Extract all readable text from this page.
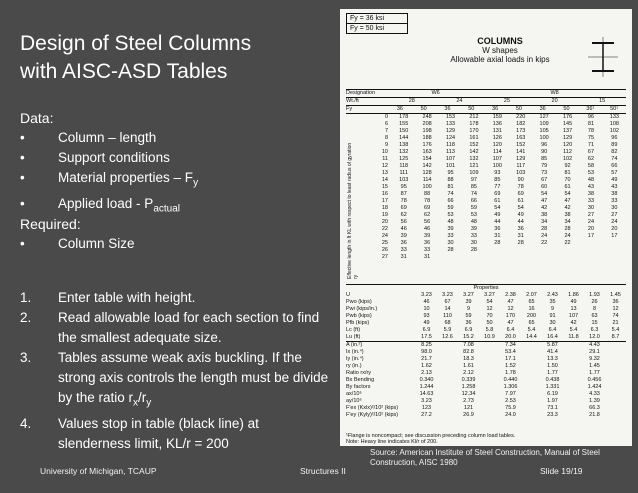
Design of Steel Columns
with AISC-ASD Tables
Data:
•	Column – length
•	Support conditions
•	Material properties – $F_y$
•	Applied load - $P_{actual}$
Required:
•	Column Size
1.	Enter table with height.
2.	Read allowable load for each section to find the smallest adequate size.
3.	Tables assume weak axis buckling. If the strong axis controls the length must be divide by the ratio $r_x/r_y$
4.	Values stop in table (black line) at slenderness limit, KL/r = 200
Fy = 36 ksi
Fy = 50 ksi
COLUMNS
W shapes
Allowable axial loads in kips
Designation	W6	W8
Wt./ft	28	24	25	20	15
Fy	36	50	36	50	36	50	36	50	36¹	50¹
0	178	248	153	212	159	220	127	176	96	133
6	155	208	133	178	136	182	109	145	81	108
7	150	198	129	170	131	173	105	137	78	102
8	144	188	124	161	126	163	100	129	75	96
9	138	176	118	152	120	152	96	120	71	89
10	132	163	113	142	114	141	90	112	67	82
11	125	154	107	132	107	129	85	102	62	74
12	118	142	101	121	100	117	79	92	58	66
13	111	128	95	109	93	103	73	81	53	57
14	103	114	88	97	85	90	67	70	48	49
15	95	100	81	85	77	78	60	61	43	43
16	87	88	74	74	69	69	54	54	38	38
17	78	78	66	66	61	61	47	47	33	33
18	69	69	59	59	54	54	42	42	30	30
19	62	62	53	53	49	49	38	38	27	27
20	56	56	48	48	44	44	34	34	24	24
22	46	46	39	39	36	36	28	28	20	20
24	39	39	33	33	31	31	24	24	17	17
25	36	36	30	30	28	28	22	22
26	33	33	28	28
27	31	31
Effective length in ft KL with respect to least radius of gyration ry
Properties
U	3.23	3.23	3.27	3.27	2.38	2.07	2.43	1.86	1.93	1.45
Pwo (kips)	46	67	39	54	47	65	35	49	26	36
Pwi (kips/in.)	10	14	9	12	12	16	9	13	8	12
Pwb (kips)	93	110	59	70	170	200	91	107	63	74
Pfb (kips)	49	68	36	50	47	65	30	42	15	21
Lc (ft)	6.9	5.9	6.9	5.8	6.4	5.4	6.4	5.4	6.3	5.4
Lu (ft)	17.5	12.6	15.2	10.9	20.0	14.4	16.4	11.8	12.0	8.7
A (in.²)	8.25	7.08	7.34	5.87	4.43
Ix (in.⁴)	98.0	82.8	53.4	41.4	29.1
Iy (in.⁴)	21.7	18.3	17.1	13.3	9.32
ry (in.)	1.62	1.61	1.52	1.50	1.45
Ratio rx/ry	2.13	2.12	1.78	1.77	1.77
Bx Bending	0.340	0.339	0.440	0.438	0.456
By factors	1.244	1.258	1.306	1.331	1.424
ax/10⁶	14.63	12.34	7.97	6.19	4.33
ay/10⁶	3.23	2.73	2.53	1.97	1.39
F'ex (Kxlx)²/10² (kips)	123	121	75.9	73.1	66.3
F'ey (Kyly)²/10² (kips)	27.2	26.9	24.0	23.3	21.8
¹Flange is noncompact; see discussion preceding column load tables.
Note: Heavy line indicates Kl/r of 200.
Source: American Institute of Steel Construction, Manual of Steel Construction, AISC 1980
University of Michigan, TCAUP	Structures II	Slide 19/19
